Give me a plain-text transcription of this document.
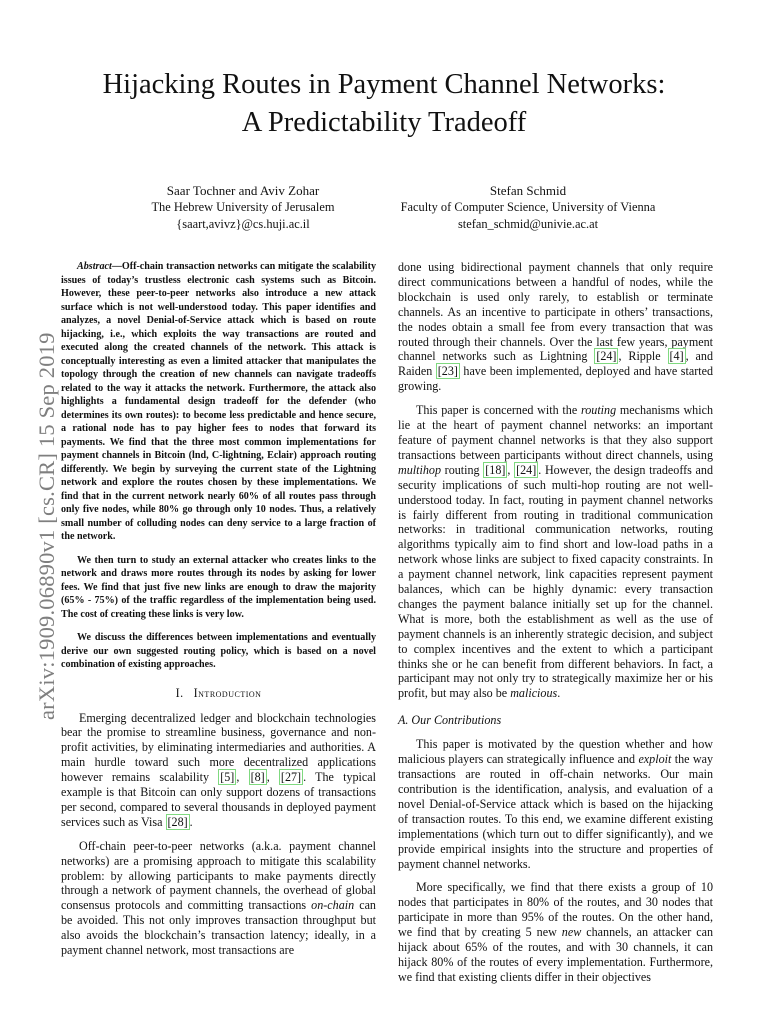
arXiv:1909.06890v1 [cs.CR] 15 Sep 2019
Hijacking Routes in Payment Channel Networks:
A Predictability Tradeoff
Saar Tochner and Aviv Zohar
The Hebrew University of Jerusalem
{saart,avivz}@cs.huji.ac.il
Stefan Schmid
Faculty of Computer Science, University of Vienna
stefan_schmid@univie.ac.at

Abstract—Off-chain transaction networks can mitigate the scalability issues of today’s trustless electronic cash systems such as Bitcoin. However, these peer-to-peer networks also introduce a new attack surface which is not well-understood today. This paper identifies and analyzes, a novel Denial-of-Service attack which is based on route hijacking, i.e., which exploits the way transactions are routed and executed along the created channels of the network. This attack is conceptually interesting as even a limited attacker that manipulates the topology through the creation of new channels can navigate tradeoffs related to the way it attacks the network. Furthermore, the attack also highlights a fundamental design tradeoff for the defender (who determines its own routes): to become less predictable and hence secure, a rational node has to pay higher fees to nodes that forward its payments. We find that the three most common implementations for payment channels in Bitcoin (lnd, C-lightning, Eclair) approach routing differently. We begin by surveying the current state of the Lightning network and explore the routes chosen by these implementations. We find that in the current network nearly 60% of all routes pass through only five nodes, while 80% go through only 10 nodes. Thus, a relatively small number of colluding nodes can deny service to a large fraction of the network.

We then turn to study an external attacker who creates links to the network and draws more routes through its nodes by asking for lower fees. We find that just five new links are enough to draw the majority (65% - 75%) of the traffic regardless of the implementation being used. The cost of creating these links is very low.

We discuss the differences between implementations and eventually derive our own suggested routing policy, which is based on a novel combination of existing approaches.

I. Introduction

Emerging decentralized ledger and blockchain technologies bear the promise to streamline business, governance and non-profit activities, by eliminating intermediaries and authorities. A main hurdle toward such more decentralized applications however remains scalability [5] , [8] , [27] . The typical example is that Bitcoin can only support dozens of transactions per second, compared to several thousands in deployed payment services such as Visa [28] .

Off-chain peer-to-peer networks (a.k.a. payment channel networks) are a promising approach to mitigate this scalability problem: by allowing participants to make payments directly through a network of payment channels, the overhead of global consensus protocols and committing transactions on-chain can be avoided. This not only improves transaction throughput but also avoids the blockchain’s transaction latency; ideally, in a payment channel network, most transactions are

done using bidirectional payment channels that only require direct communications between a handful of nodes, while the blockchain is used only rarely, to establish or terminate channels. As an incentive to participate in others’ transactions, the nodes obtain a small fee from every transaction that was routed through their channels. Over the last few years, payment channel networks such as Lightning [24] , Ripple [4] , and Raiden [23] have been implemented, deployed and have started growing.

This paper is concerned with the routing mechanisms which lie at the heart of payment channel networks: an important feature of payment channel networks is that they also support transactions between participants without direct channels, using multihop routing [18] , [24] . However, the design tradeoffs and security implications of such multi-hop routing are not well-understood today. In fact, routing in payment channel networks is fairly different from routing in traditional communication networks: in traditional communication networks, routing algorithms typically aim to find short and low-load paths in a network whose links are subject to fixed capacity constraints. In a payment channel network, link capacities represent payment balances, which can be highly dynamic: every transaction changes the payment balance initially set up for the channel. What is more, both the establishment as well as the use of payment channels is an inherently strategic decision, and subject to complex incentives and the extent to which a participant thinks she or he can benefit from different behaviors. In fact, a participant may not only try to strategically maximize her or his profit, but may also be malicious.

A. Our Contributions

This paper is motivated by the question whether and how malicious players can strategically influence and exploit the way transactions are routed in off-chain networks. Our main contribution is the identification, analysis, and evaluation of a novel Denial-of-Service attack which is based on the hijacking of transaction routes. To this end, we examine different existing implementations (which turn out to differ significantly), and we provide empirical insights into the structure and properties of payment channel networks.

More specifically, we find that there exists a group of 10 nodes that participates in 80% of the routes, and 30 nodes that participate in more than 95% of the routes. On the other hand, we find that by creating 5 new new channels, an attacker can hijack about 65% of the routes, and with 30 channels, it can hijack 80% of the routes of every implementation. Furthermore, we find that existing clients differ in their objectives
